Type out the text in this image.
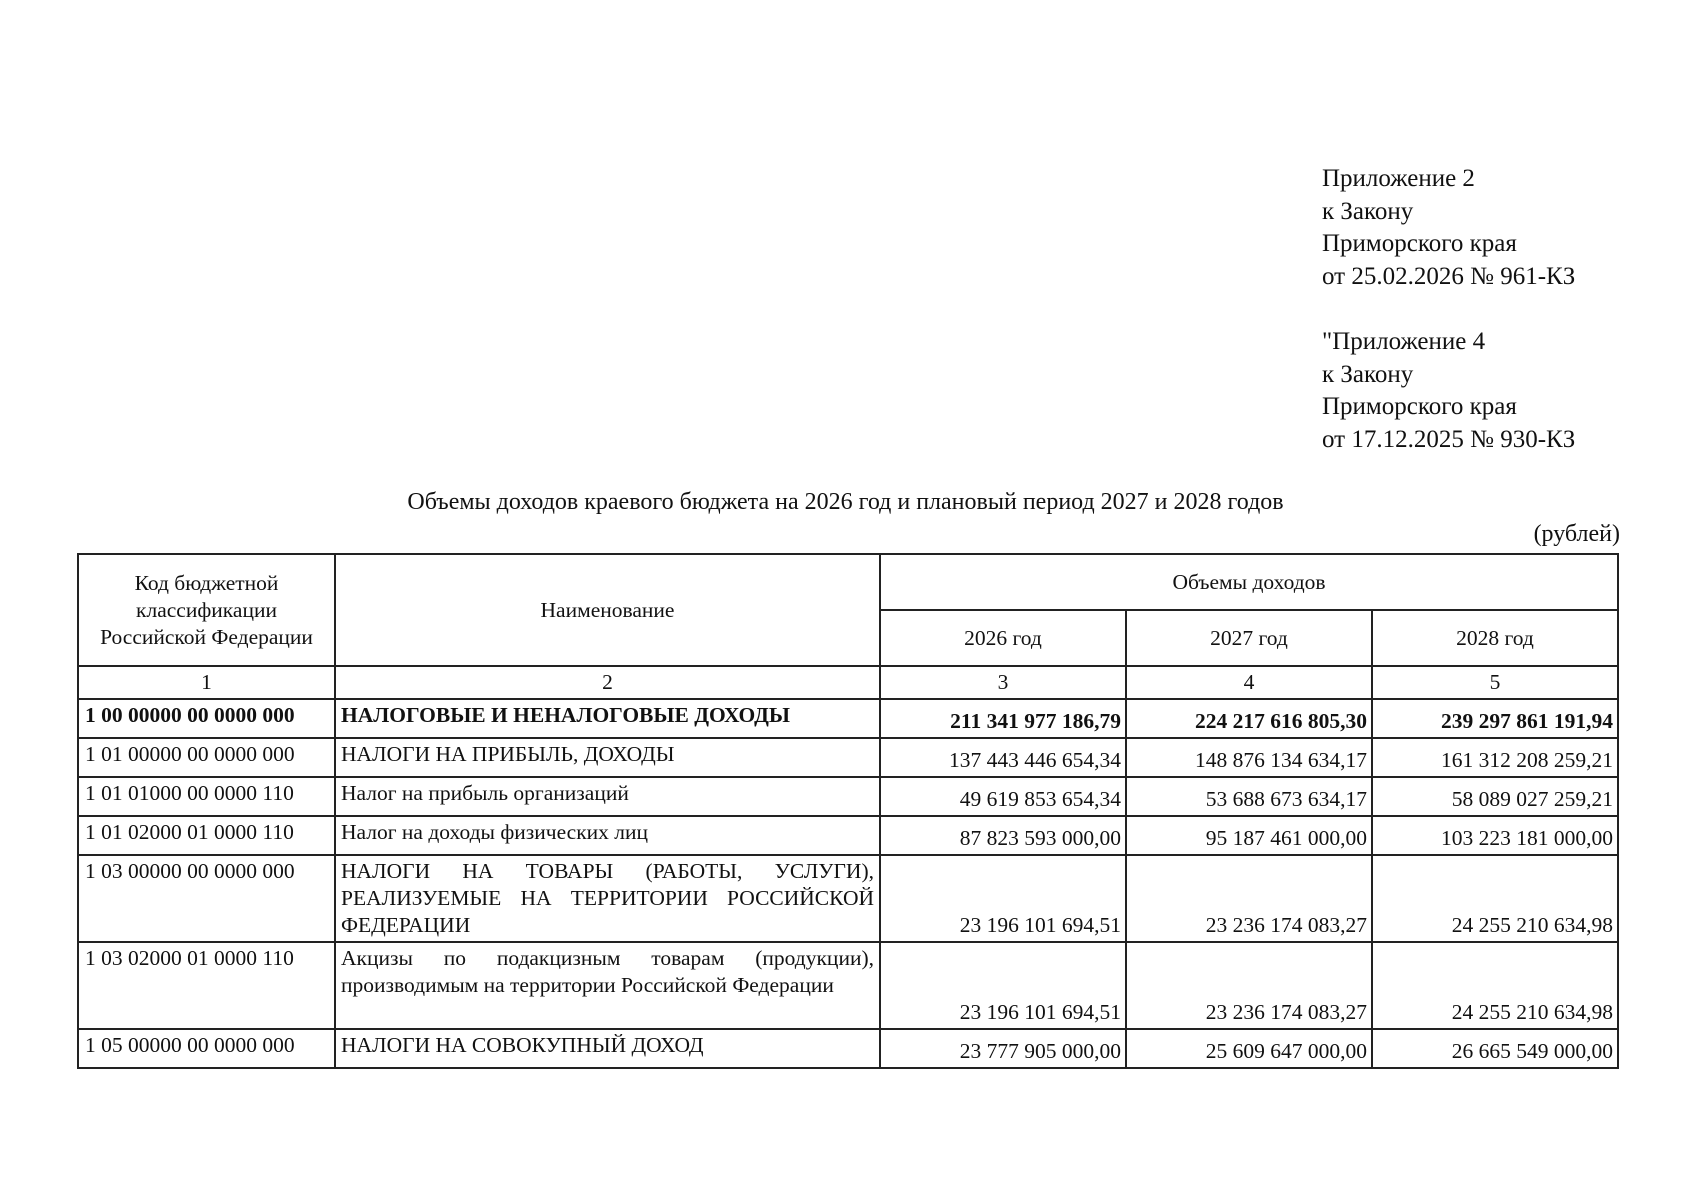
Приложение 2
к Закону
Приморского края
от 25.02.2026 № 961-КЗ
"Приложение 4
к Закону
Приморского края
от 17.12.2025 № 930-КЗ
Объемы доходов краевого бюджета на 2026 год и плановый период 2027 и 2028 годов
(рублей)
Код бюджетной классификации Российской Федерации	Наименование	Объемы доходов		
		2026 год	2027 год	2028 год
1	2	3	4	5
1 00 00000 00 0000 000	НАЛОГОВЫЕ И НЕНАЛОГОВЫЕ ДОХОДЫ	211 341 977 186,79	224 217 616 805,30	239 297 861 191,94
1 01 00000 00 0000 000	НАЛОГИ НА ПРИБЫЛЬ, ДОХОДЫ	137 443 446 654,34	148 876 134 634,17	161 312 208 259,21
1 01 01000 00 0000 110	Налог на прибыль организаций	49 619 853 654,34	53 688 673 634,17	58 089 027 259,21
1 01 02000 01 0000 110	Налог на доходы физических лиц	87 823 593 000,00	95 187 461 000,00	103 223 181 000,00
1 03 00000 00 0000 000	НАЛОГИ НА ТОВАРЫ (РАБОТЫ, УСЛУГИ), РЕАЛИЗУЕМЫЕ НА ТЕРРИТОРИИ РОССИЙСКОЙ ФЕДЕРАЦИИ	23 196 101 694,51	23 236 174 083,27	24 255 210 634,98
1 03 02000 01 0000 110	Акцизы по подакцизным товарам (продукции), производимым на территории Российской Федерации	23 196 101 694,51	23 236 174 083,27	24 255 210 634,98
1 05 00000 00 0000 000	НАЛОГИ НА СОВОКУПНЫЙ ДОХОД	23 777 905 000,00	25 609 647 000,00	26 665 549 000,00
